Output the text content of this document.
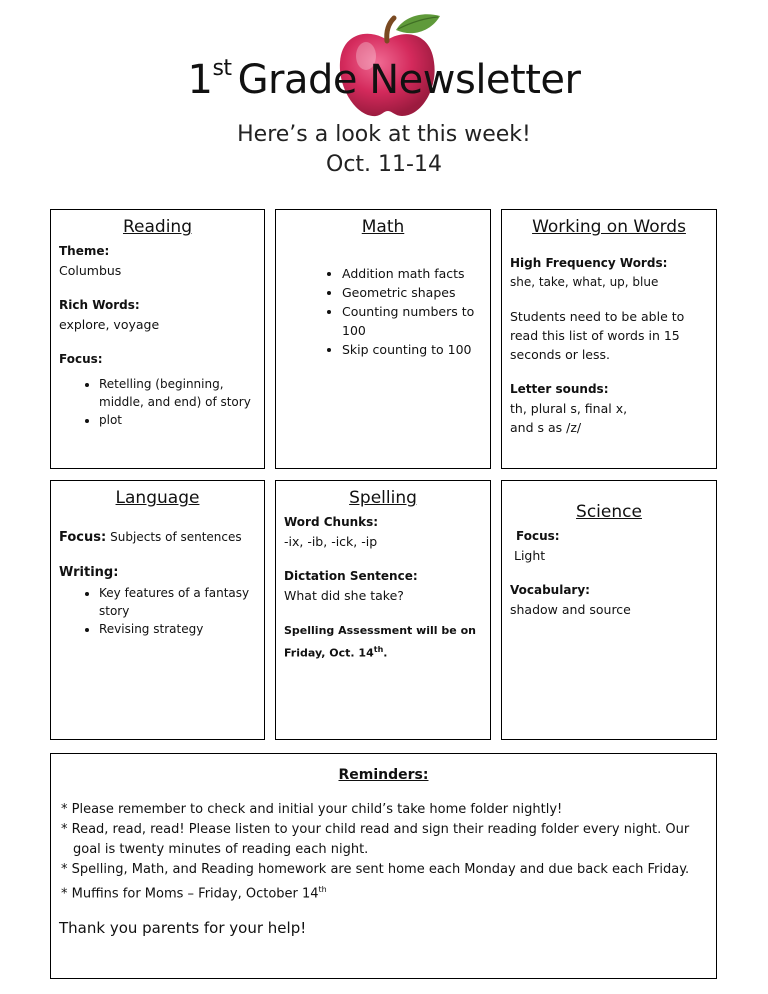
1st Grade Newsletter
Here’s a look at this week!
Oct. 11-14
Reading
Theme:
Columbus
Rich Words:
explore, voyage
Focus:
• Retelling (beginning, middle, and end) of story
• plot
Math
• Addition math facts
• Geometric shapes
• Counting numbers to 100
• Skip counting to 100
Working on Words
High Frequency Words:
she, take, what, up, blue
Students need to be able to read this list of words in 15 seconds or less.
Letter sounds:
th, plural s, final x,
and s as /z/
Language
Focus: Subjects of sentences
Writing:
• Key features of a fantasy story
• Revising strategy
Spelling
Word Chunks:
-ix, -ib, -ick, -ip
Dictation Sentence:
What did she take?
Spelling Assessment will be on Friday, Oct. 14th.
Science
Focus:
Light
Vocabulary:
shadow and source
Reminders:
* Please remember to check and initial your child’s take home folder nightly!
* Read, read, read! Please listen to your child read and sign their reading folder every night. Our goal is twenty minutes of reading each night.
* Spelling, Math, and Reading homework are sent home each Monday and due back each Friday.
* Muffins for Moms – Friday, October 14th
Thank you parents for your help!
